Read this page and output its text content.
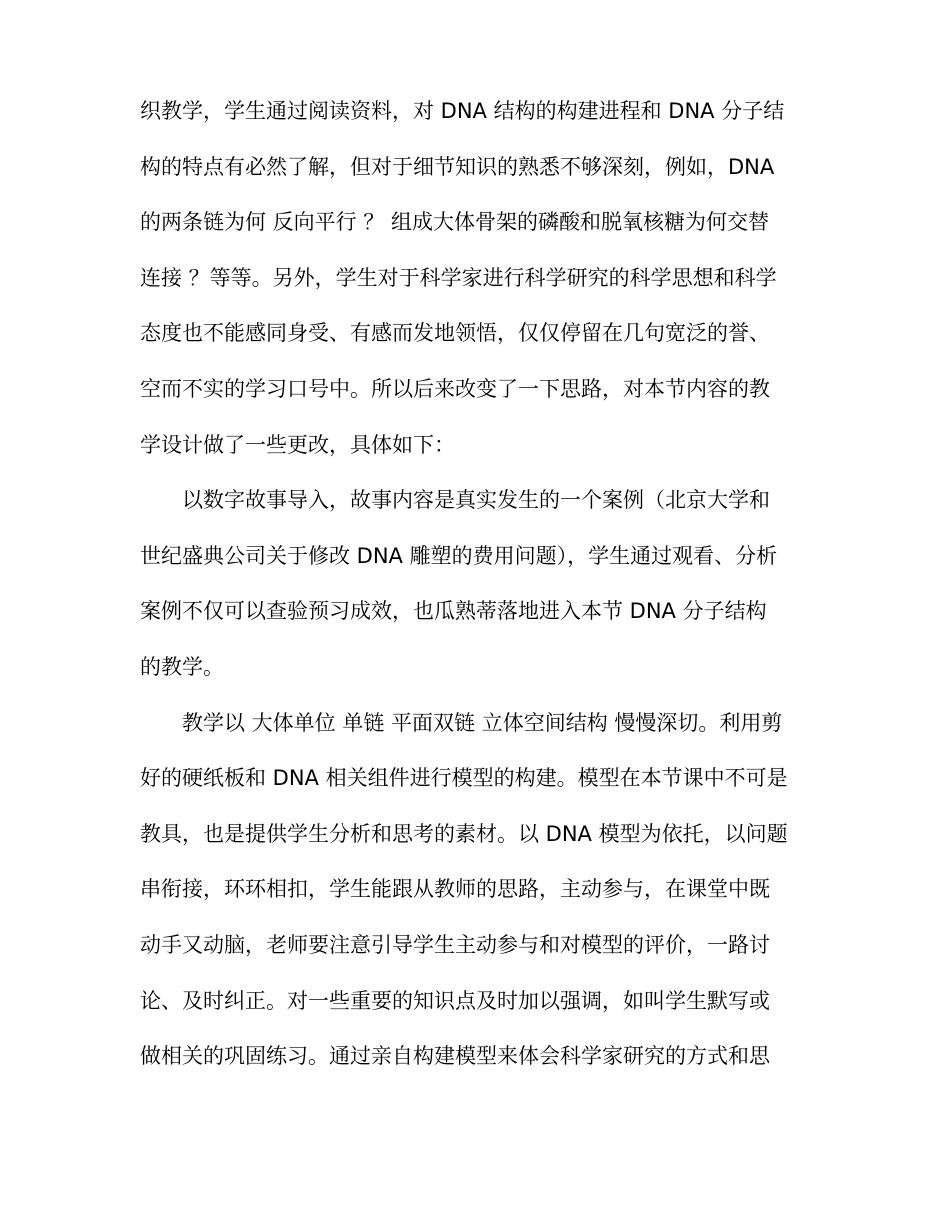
织教学，学生通过阅读资料，对 DNA 结构的构建进程和 DNA 分子结
构的特点有必然了解，但对于细节知识的熟悉不够深刻，例如，DNA
的两条链为何 反向平行 ？ 组成大体骨架的磷酸和脱氧核糖为何交替
连接 ？等等。另外，学生对于科学家进行科学研究的科学思想和科学
态度也不能感同身受、有感而发地领悟，仅仅停留在几句宽泛的誉、
空而不实的学习口号中。所以后来改变了一下思路，对本节内容的教
学设计做了一些更改，具体如下：
以数字故事导入，故事内容是真实发生的一个案例（北京大学和
世纪盛典公司关于修改 DNA 雕塑的费用问题），学生通过观看、分析
案例不仅可以查验预习成效，也瓜熟蒂落地进入本节 DNA 分子结构
的教学。
教学以 大体单位 单链 平面双链 立体空间结构 慢慢深切。利用剪
好的硬纸板和 DNA 相关组件进行模型的构建。模型在本节课中不可是
教具，也是提供学生分析和思考的素材。以 DNA 模型为依托，以问题
串衔接，环环相扣，学生能跟从教师的思路，主动参与，在课堂中既
动手又动脑，老师要注意引导学生主动参与和对模型的评价，一路讨
论、及时纠正。对一些重要的知识点及时加以强调，如叫学生默写或
做相关的巩固练习。通过亲自构建模型来体会科学家研究的方式和思
